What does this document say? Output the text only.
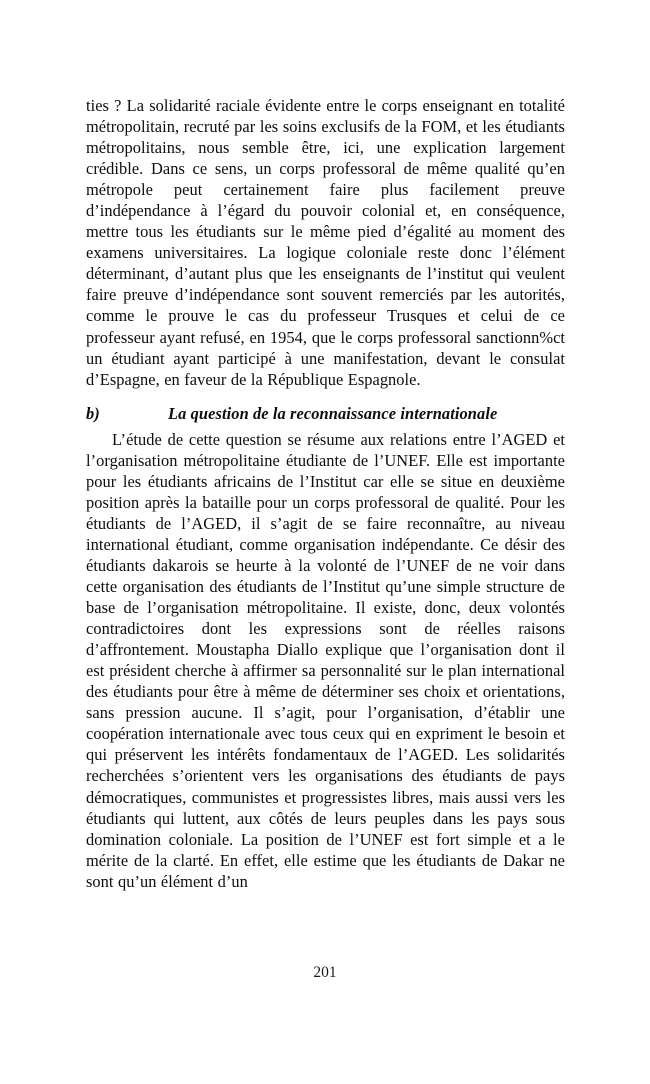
ties ? La solidarité raciale évidente entre le corps enseignant en totalité métropolitain, recruté par les soins exclusifs de la FOM, et les étudiants métropolitains, nous semble être, ici, une explication largement crédible. Dans ce sens, un corps professoral de même qualité qu’en métropole peut certainement faire plus facilement preuve d’indépendance à l’égard du pouvoir colonial et, en conséquence, mettre tous les étudiants sur le même pied d’égalité au moment des examens universitaires. La logique coloniale reste donc l’élément déterminant, d’autant plus que les enseignants de l’institut qui veulent faire preuve d’indépendance sont souvent remerciés par les autorités, comme le prouve le cas du professeur Trusques et celui de ce professeur ayant refusé, en 1954, que le corps professoral sanctionn%ct un étudiant ayant participé à une manifestation, devant le consulat d’Espagne, en faveur de la République Espagnole.

b)	La question de la reconnaissance internationale

L’étude de cette question se résume aux relations entre l’AGED et l’organisation métropolitaine étudiante de l’UNEF. Elle est importante pour les étudiants africains de l’Institut car elle se situe en deuxième position après la bataille pour un corps professoral de qualité. Pour les étudiants de l’AGED, il s’agit de se faire reconnaître, au niveau international étudiant, comme organisation indépendante. Ce désir des étudiants dakarois se heurte à la volonté de l’UNEF de ne voir dans cette organisation des étudiants de l’Institut qu’une simple structure de base de l’organisation métropolitaine. Il existe, donc, deux volontés contradictoires dont les expressions sont de réelles raisons d’affrontement. Moustapha Diallo explique que l’organisation dont il est président cherche à affirmer sa personnalité sur le plan international des étudiants pour être à même de déterminer ses choix et orientations, sans pression aucune. Il s’agit, pour l’organisation, d’établir une coopération internationale avec tous ceux qui en expriment le besoin et qui préservent les intérêts fondamentaux de l’AGED. Les solidarités recherchées s’orientent vers les organisations des étudiants de pays démocratiques, communistes et progressistes libres, mais aussi vers les étudiants qui luttent, aux côtés de leurs peuples dans les pays sous domination coloniale. La position de l’UNEF est fort simple et a le mérite de la clarté. En effet, elle estime que les étudiants de Dakar ne sont qu’un élément d’un

201
